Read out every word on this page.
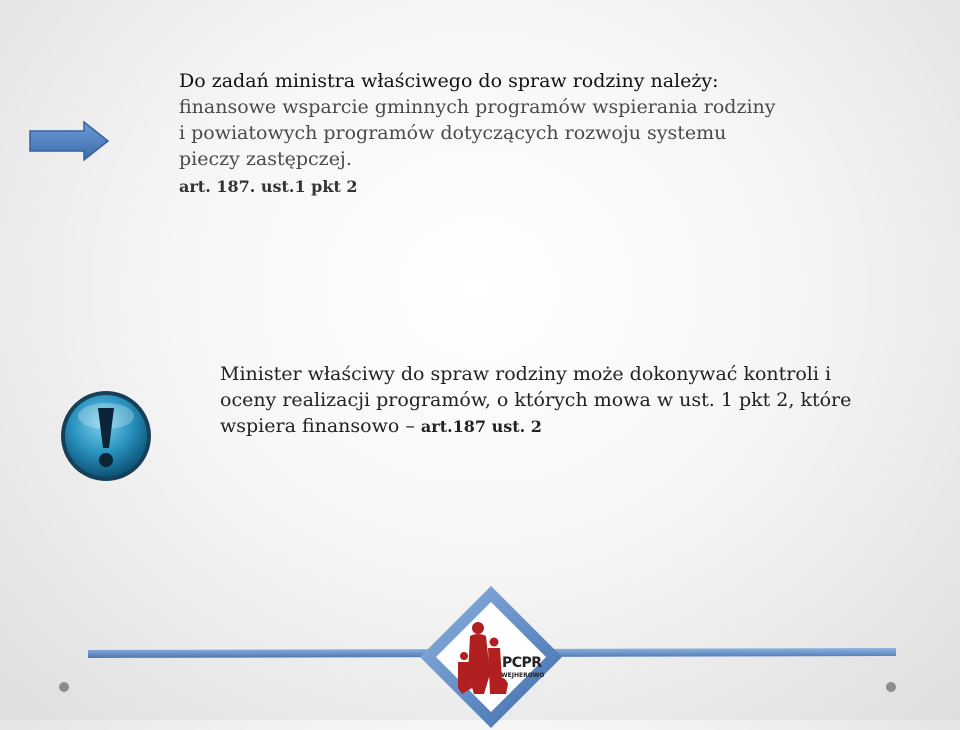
Do zadań ministra właściwego do spraw rodziny należy:
finansowe wsparcie gminnych programów wspierania rodziny i powiatowych programów dotyczących rozwoju systemu pieczy zastępczej.
art. 187. ust.1 pkt 2
Minister właściwy do spraw rodziny może dokonywać kontroli i oceny realizacji programów, o których mowa w ust. 1 pkt 2, które wspiera finansowo – art.187 ust. 2
PCPR
WEJHEROWO
